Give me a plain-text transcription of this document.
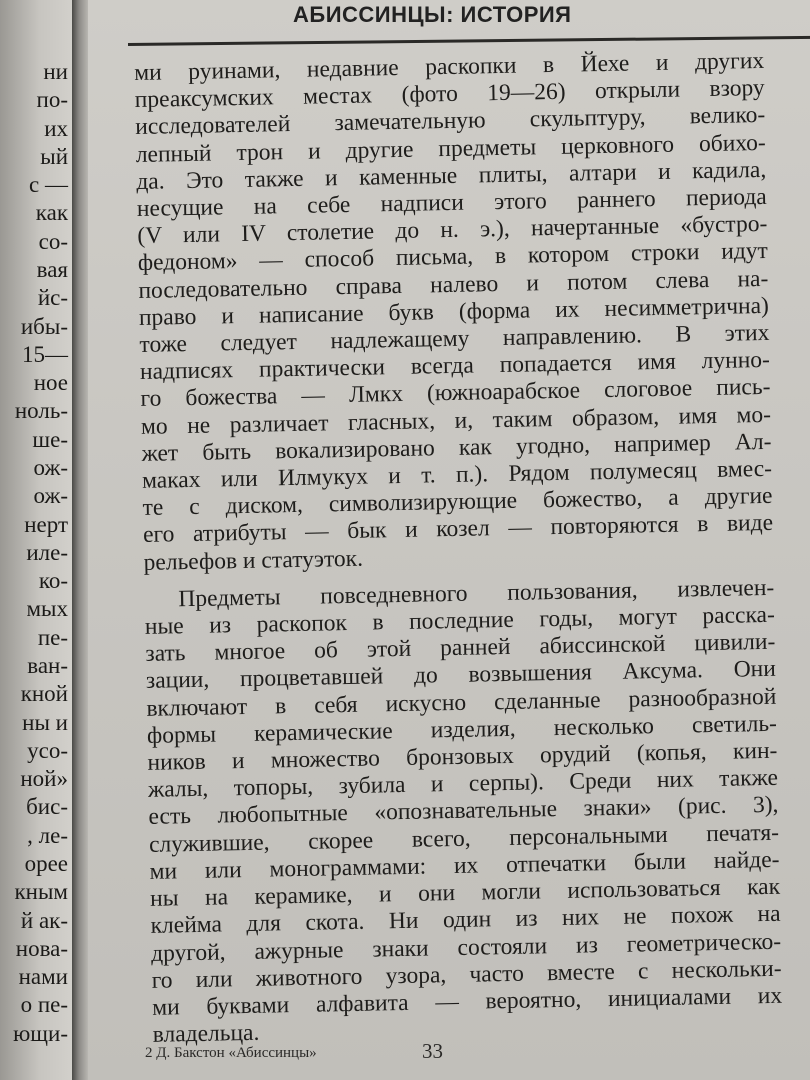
ни
по-
их
ый
с —
как
со-
вая
йс-
ибы-
15—
ное
ноль-
ше-
ож-
ож-
нерт
иле-
ко-
мых
пе-
ван-
кной
ны и
усо-
ной»
бис-
, ле-
орее
кным
й ак-
нова-
нами
о пе-
ющи-
АБИССИНЦЫ: ИСТОРИЯ
ми руинами, недавние раскопки в Йехе и других
преаксумских местах (фото 19—26) открыли взору
исследователей замечательную скульптуру, велико-
лепный трон и другие предметы церковного обихо-
да. Это также и каменные плиты, алтари и кадила,
несущие на себе надписи этого раннего периода
(V или IV столетие до н. э.), начертанные «бустро-
федоном» — способ письма, в котором строки идут
последовательно справа налево и потом слева на-
право и написание букв (форма их несимметрична)
тоже следует надлежащему направлению. В этих
надписях практически всегда попадается имя лунно-
го божества — Лмкх (южноарабское слоговое пись-
мо не различает гласных, и, таким образом, имя мо-
жет быть вокализировано как угодно, например Ал-
маках или Илмукух и т. п.). Рядом полумесяц вмес-
те с диском, символизирующие божество, а другие
его атрибуты — бык и козел — повторяются в виде
рельефов и статуэток.
Предметы повседневного пользования, извлечен-
ные из раскопок в последние годы, могут расска-
зать многое об этой ранней абиссинской цивили-
зации, процветавшей до возвышения Аксума. Они
включают в себя искусно сделанные разнообразной
формы керамические изделия, несколько светиль-
ников и множество бронзовых орудий (копья, кин-
жалы, топоры, зубила и серпы). Среди них также
есть любопытные «опознавательные знаки» (рис. 3),
служившие, скорее всего, персональными печатя-
ми или монограммами: их отпечатки были найде-
ны на керамике, и они могли использоваться как
клейма для скота. Ни один из них не похож на
другой, ажурные знаки состояли из геометрическо-
го или животного узора, часто вместе с нескольки-
ми буквами алфавита — вероятно, инициалами их
владельца.
2 Д. Бакстон «Абиссинцы»	33
